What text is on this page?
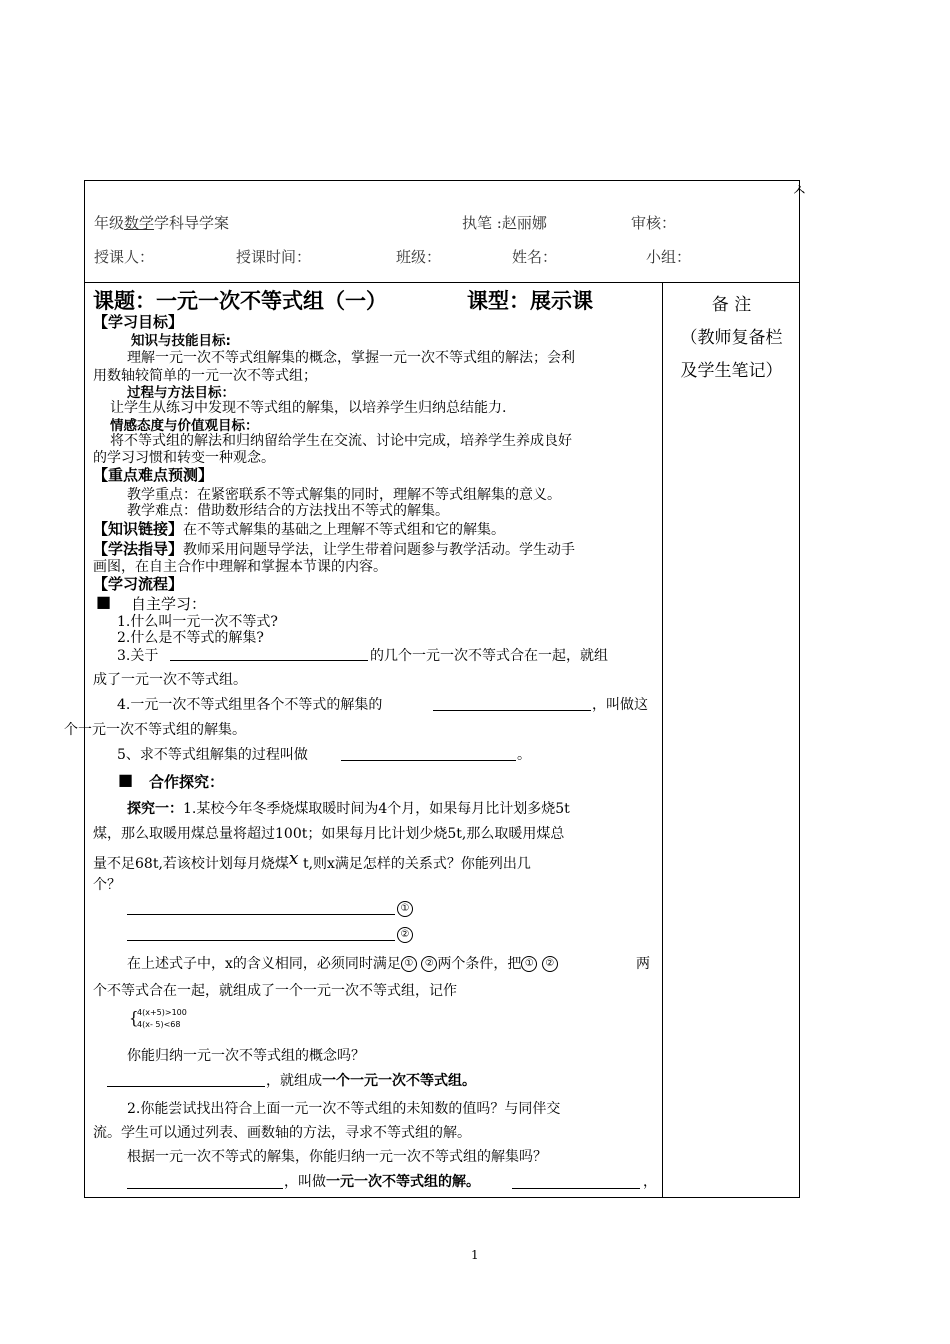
ㅅ
年级数学学科导学案	执笔 :赵丽娜	审核：
授课人：	授课时间：	班级：	姓名：	小组：
课题：一元一次不等式组（一）	课型：展示课	备 注
（教师复备栏
及学生笔记）
【学习目标】
知识与技能目标:
理解一元一次不等式组解集的概念，掌握一元一次不等式组的解法；会利
用数轴较简单的一元一次不等式组；
过程与方法目标：
让学生从练习中发现不等式组的解集，以培养学生归纳总结能力.
情感态度与价值观目标：
将不等式组的解法和归纳留给学生在交流、讨论中完成，培养学生养成良好
的学习习惯和转变一种观念。
【重点难点预测】
教学重点：在紧密联系不等式解集的同时，理解不等式组解集的意义。
教学难点：借助数形结合的方法找出不等式的解集。
【知识链接】在不等式解集的基础之上理解不等式组和它的解集。
【学法指导】教师采用问题导学法，让学生带着问题参与教学活动。学生动手
画图，在自主合作中理解和掌握本节课的内容。
【学习流程】
■ 自主学习：
1.什么叫一元一次不等式?
2.什么是不等式的解集?
3.关于	的几个一元一次不等式合在一起，就组
成了一元一次不等式组。
4.一元一次不等式组里各个不等式的解集的	，叫做这
个一元一次不等式组的解集。
5、求不等式组解集的过程叫做	。
■ 合作探究：
探究一：1.某校今年冬季烧煤取暖时间为4个月，如果每月比计划多烧5t
煤，那么取暖用煤总量将超过100t；如果每月比计划少烧5t,那么取暖用煤总
量不足68t,若该校计划每月烧煤x t,则x满足怎样的关系式？你能列出几
个？
①
②
在上述式子中，x的含义相同，必须同时满足 ① ② 两个条件，把 ① ②	两
个不等式合在一起，就组成了一个一元一次不等式组，记作
{
4(x+5)>100
4(x- 5)<68
你能归纳一元一次不等式组的概念吗？
，就组成一个一元一次不等式组。
2.你能尝试找出符合上面一元一次不等式组的未知数的值吗？与同伴交
流。学生可以通过列表、画数轴的方法，寻求不等式组的解。
根据一元一次不等式的解集，你能归纳一元一次不等式组的解集吗？
，叫做一元一次不等式组的解。	，
1
